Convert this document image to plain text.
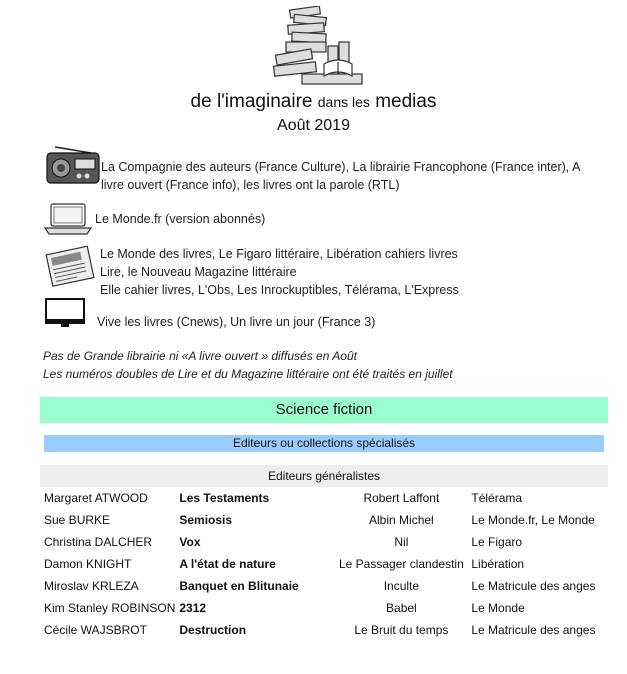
de l'imaginaire dans les medias
Août 2019
La Compagnie des auteurs (France Culture), La librairie Francophone (France inter), A livre ouvert (France info), les livres ont la parole (RTL)
Le Monde.fr (version abonnés)
Le Monde des livres, Le Figaro littéraire, Libération cahiers livres
Lire, le Nouveau Magazine littéraire
Elle cahier livres, L'Obs, Les Inrockuptibles, Télérama, L'Express
Vive les livres (Cnews), Un livre un jour (France 3)
Pas de Grande librairie ni «A livre ouvert » diffusés en Août
Les numéros doubles de Lire et du Magazine littéraire ont été traités en juillet
Science fiction
Editeurs ou collections spécialisés
Editeurs généralistes
Margaret ATWOOD	Les Testaments	Robert Laffont	Télérama
Sue BURKE	Semiosis	Albin Michel	Le Monde.fr, Le Monde
Christina DALCHER	Vox	Nil	Le Figaro
Damon KNIGHT	A l'état de nature	Le Passager clandestin	Libération
Miroslav KRLEZA	Banquet en Blitunaie	Inculte	Le Matricule des anges
Kim Stanley ROBINSON	2312	Babel	Le Monde
Cécile WAJSBROT	Destruction	Le Bruit du temps	Le Matricule des anges
